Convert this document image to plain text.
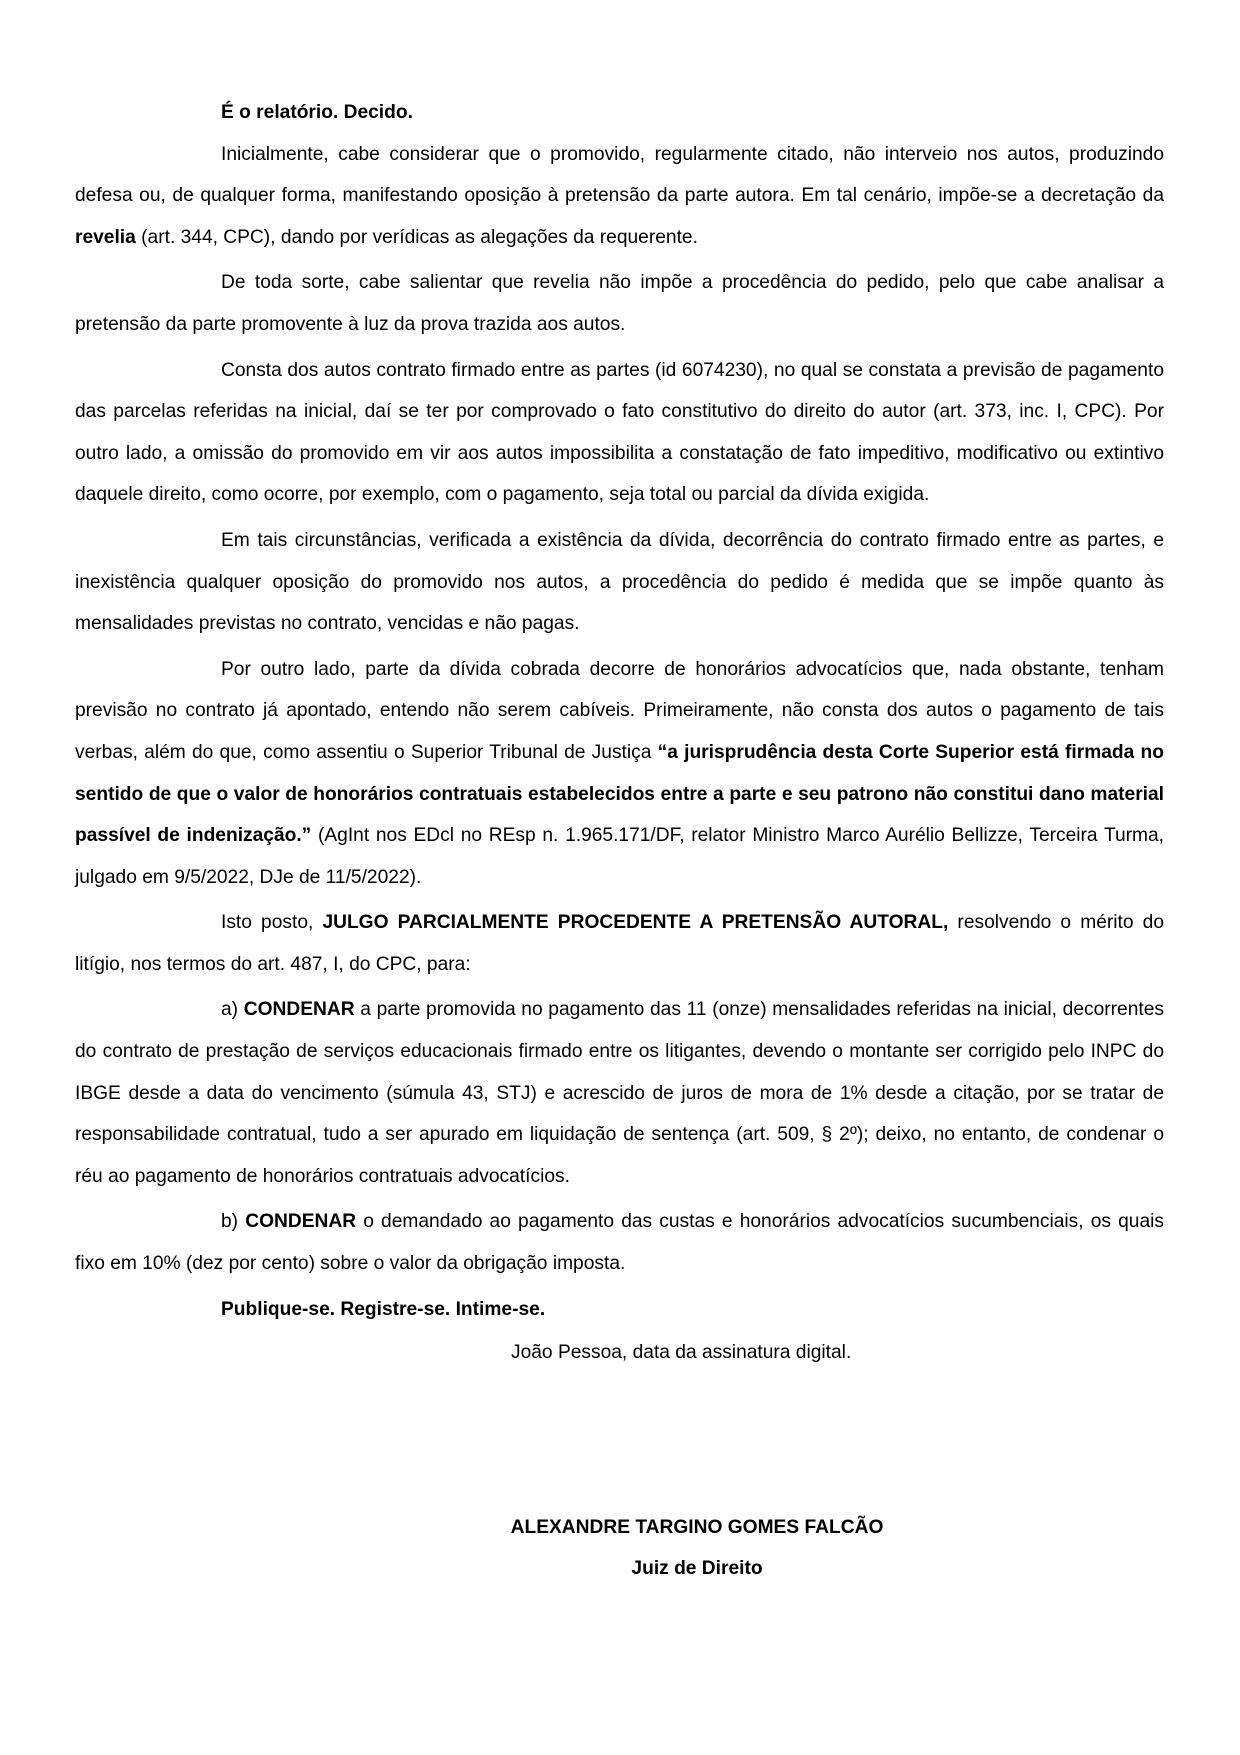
É o relatório. Decido.

Inicialmente, cabe considerar que o promovido, regularmente citado, não interveio nos autos, produzindo defesa ou, de qualquer forma, manifestando oposição à pretensão da parte autora. Em tal cenário, impõe-se a decretação da revelia (art. 344, CPC), dando por verídicas as alegações da requerente.

De toda sorte, cabe salientar que revelia não impõe a procedência do pedido, pelo que cabe analisar a pretensão da parte promovente à luz da prova trazida aos autos.

Consta dos autos contrato firmado entre as partes (id 6074230), no qual se constata a previsão de pagamento das parcelas referidas na inicial, daí se ter por comprovado o fato constitutivo do direito do autor (art. 373, inc. I, CPC). Por outro lado, a omissão do promovido em vir aos autos impossibilita a constatação de fato impeditivo, modificativo ou extintivo daquele direito, como ocorre, por exemplo, com o pagamento, seja total ou parcial da dívida exigida.

Em tais circunstâncias, verificada a existência da dívida, decorrência do contrato firmado entre as partes, e inexistência qualquer oposição do promovido nos autos, a procedência do pedido é medida que se impõe quanto às mensalidades previstas no contrato, vencidas e não pagas.

Por outro lado, parte da dívida cobrada decorre de honorários advocatícios que, nada obstante, tenham previsão no contrato já apontado, entendo não serem cabíveis. Primeiramente, não consta dos autos o pagamento de tais verbas, além do que, como assentiu o Superior Tribunal de Justiça “a jurisprudência desta Corte Superior está firmada no sentido de que o valor de honorários contratuais estabelecidos entre a parte e seu patrono não constitui dano material passível de indenização.” (AgInt nos EDcl no REsp n. 1.965.171/DF, relator Ministro Marco Aurélio Bellizze, Terceira Turma, julgado em 9/5/2022, DJe de 11/5/2022).

Isto posto, JULGO PARCIALMENTE PROCEDENTE A PRETENSÃO AUTORAL, resolvendo o mérito do litígio, nos termos do art. 487, I, do CPC, para:

a) CONDENAR a parte promovida no pagamento das 11 (onze) mensalidades referidas na inicial, decorrentes do contrato de prestação de serviços educacionais firmado entre os litigantes, devendo o montante ser corrigido pelo INPC do IBGE desde a data do vencimento (súmula 43, STJ) e acrescido de juros de mora de 1% desde a citação, por se tratar de responsabilidade contratual, tudo a ser apurado em liquidação de sentença (art. 509, § 2º); deixo, no entanto, de condenar o réu ao pagamento de honorários contratuais advocatícios.

b) CONDENAR o demandado ao pagamento das custas e honorários advocatícios sucumbenciais, os quais fixo em 10% (dez por cento) sobre o valor da obrigação imposta.

Publique-se. Registre-se. Intime-se.

João Pessoa, data da assinatura digital.

ALEXANDRE TARGINO GOMES FALCÃO

Juiz de Direito
